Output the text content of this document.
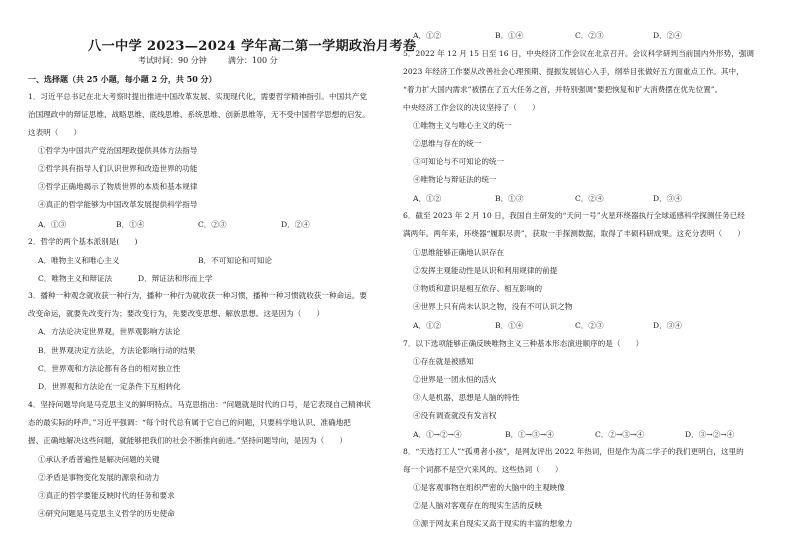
八一中学 2023—2024 学年高二第一学期政治月考卷
考试时间：90 分钟	满分：100 分
一、选择题（共 25 小题，每小题 2 分，共 50 分）
1．习近平总书记在北大考察时提出推进中国改革发展、实现现代化，需要哲学精神指引。中国共产党
治国理政中的辩证思维、战略思维、底线思维、系统思维、创新思维等，无不受中国哲学思想的启发。
这表明（　　）
①哲学为中国共产党治国理政提供具体方法指导
②哲学具有指导人们认识世界和改造世界的功能
③哲学正确地揭示了物质世界的本质和基本规律
④真正的哲学能够为中国改革发展提供科学指导
A．①③	B．①④	C．②③	D．②④
2．哲学的两个基本派别是(　　)
A．唯物主义和唯心主义	B．不可知论和可知论
C．唯物主义和辩证法	D．辩证法和形而上学
3．播种一种观念就收获一种行为，播种一种行为就收获一种习惯，播种一种习惯就收获一种命运。要
改变命运，就要先改变行为；要改变行为，先要改变思想、解放思想。这是因为（　　）
A．方法论决定世界观，世界观影响方法论
B．世界观决定方法论，方法论影响行动的结果
C．世界观和方法论都有各自的相对独立性
D．世界观和方法论在一定条件下互相转化
4．坚持问题导向是马克思主义的鲜明特点。马克思指出：“问题就是时代的口号，是它表现自己精神状
态的最实际的呼声。”习近平强调：“每个时代总有属于它自己的问题，只要科学地认识、准确地把
握、正确地解决这些问题，就能够把我们的社会不断推向前进。”坚持问题导向，是因为（　　）
①承认矛盾普遍性是解决问题的关键
②矛盾是事物变化发展的源泉和动力
③真正的哲学要能反映时代的任务和要求
④研究问题是马克思主义哲学的历史使命
A．①②	B．①④	C．②③	D．②④
5．2022 年 12 月 15 日至 16 日，中央经济工作会议在北京召开。会议科学研判当前国内外形势，强调
2023 年经济工作要从改善社会心理预期、提振发展信心入手，纲举目张做好五方面重点工作。其中，
“着力扩大国内需求”被摆在了五大任务之首，并特别强调“要把恢复和扩大消费摆在优先位置”。
中央经济工作会议的决议坚持了（　　）
①唯物主义与唯心主义的统一
②思维与存在的统一
③可知论与不可知论的统一
④唯物论与辩证法的统一
A．①②	B．①③	C．②④	D．③④
6．截至 2023 年 2 月 10 日，我国自主研发的“天问一号”火星环绕器执行全球遥感科学探测任务已经
满两年。两年来，环绕器“履职尽责”，获取一手探测数据，取得了丰硕科研成果。这充分表明（　　）
①思维能够正确地认识存在
②发挥主观能动性是认识和利用规律的前提
③物质和意识是相互依存、相互影响的
④世界上只有尚未认识之物，没有不可认识之物
A．①②	B．①④	C．②③	D．③④
7．以下选项能够正确反映唯物主义三种基本形态演进顺序的是（　　）
①存在就是被感知
②世界是一团永恒的活火
③人是机器，思想是人脑的特性
④没有调查就没有发言权
A．①→②→④	B．①→③→④	C．②→③→④	D．③→②→④
8．“天选打工人”“孤勇者小孩”，是网友评出 2022 年热词，但是作为高二学子的我们更明白，这里的
每一个词都不是空穴来风的。这些热词（　　）
①是客观事物在组织严密的大脑中的主观映像
②是人脑对客观存在的现实生活的反映
③源于网友来自现实又高于现实的丰富的想象力
